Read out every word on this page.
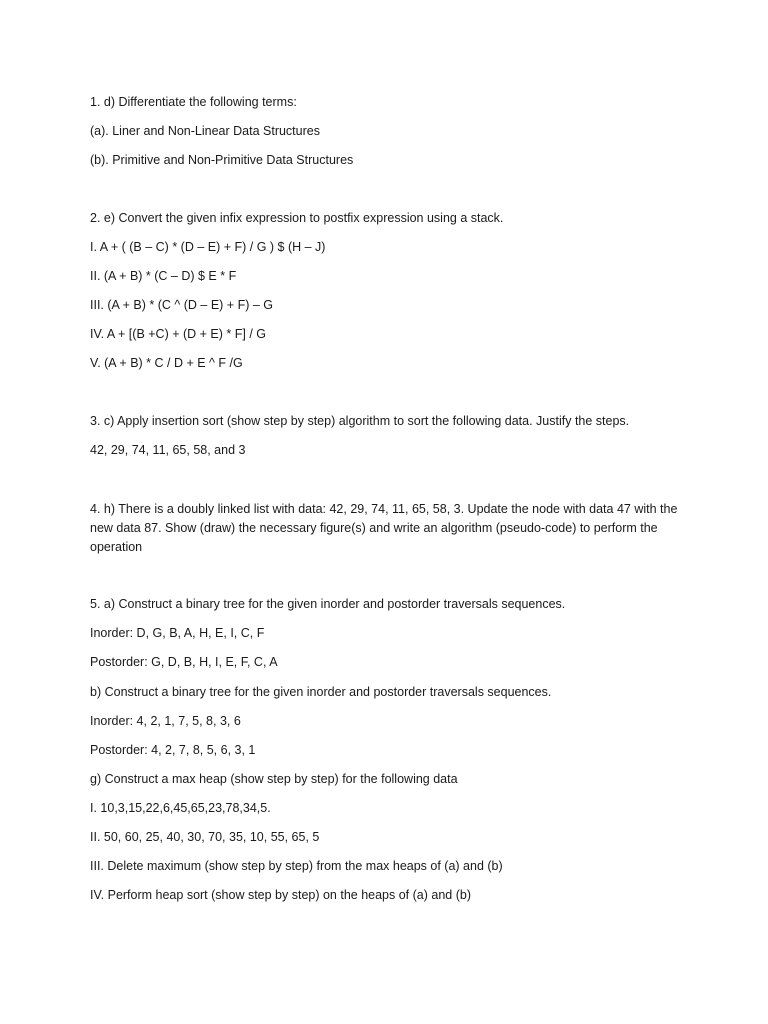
1. d) Differentiate the following terms:
(a). Liner and Non-Linear Data Structures
(b). Primitive and Non-Primitive Data Structures
2. e) Convert the given infix expression to postfix expression using a stack.
I. A + ( (B – C) * (D – E) + F) / G ) $ (H – J)
II. (A + B) * (C – D) $ E * F
III. (A + B) * (C ^ (D – E) + F) – G
IV. A + [(B +C) + (D + E) * F] / G
V. (A + B) * C / D + E ^ F /G
3. c) Apply insertion sort (show step by step) algorithm to sort the following data. Justify the steps.
42, 29, 74, 11, 65, 58, and 3
4. h) There is a doubly linked list with data: 42, 29, 74, 11, 65, 58, 3. Update the node with data 47 with the new data 87. Show (draw) the necessary figure(s) and write an algorithm (pseudo-code) to perform the operation
5. a) Construct a binary tree for the given inorder and postorder traversals sequences.
Inorder: D, G, B, A, H, E, I, C, F
Postorder: G, D, B, H, I, E, F, C, A
b) Construct a binary tree for the given inorder and postorder traversals sequences.
Inorder: 4, 2, 1, 7, 5, 8, 3, 6
Postorder: 4, 2, 7, 8, 5, 6, 3, 1
g) Construct a max heap (show step by step) for the following data
I. 10,3,15,22,6,45,65,23,78,34,5.
II. 50, 60, 25, 40, 30, 70, 35, 10, 55, 65, 5
III. Delete maximum (show step by step) from the max heaps of (a) and (b)
IV. Perform heap sort (show step by step) on the heaps of (a) and (b)
